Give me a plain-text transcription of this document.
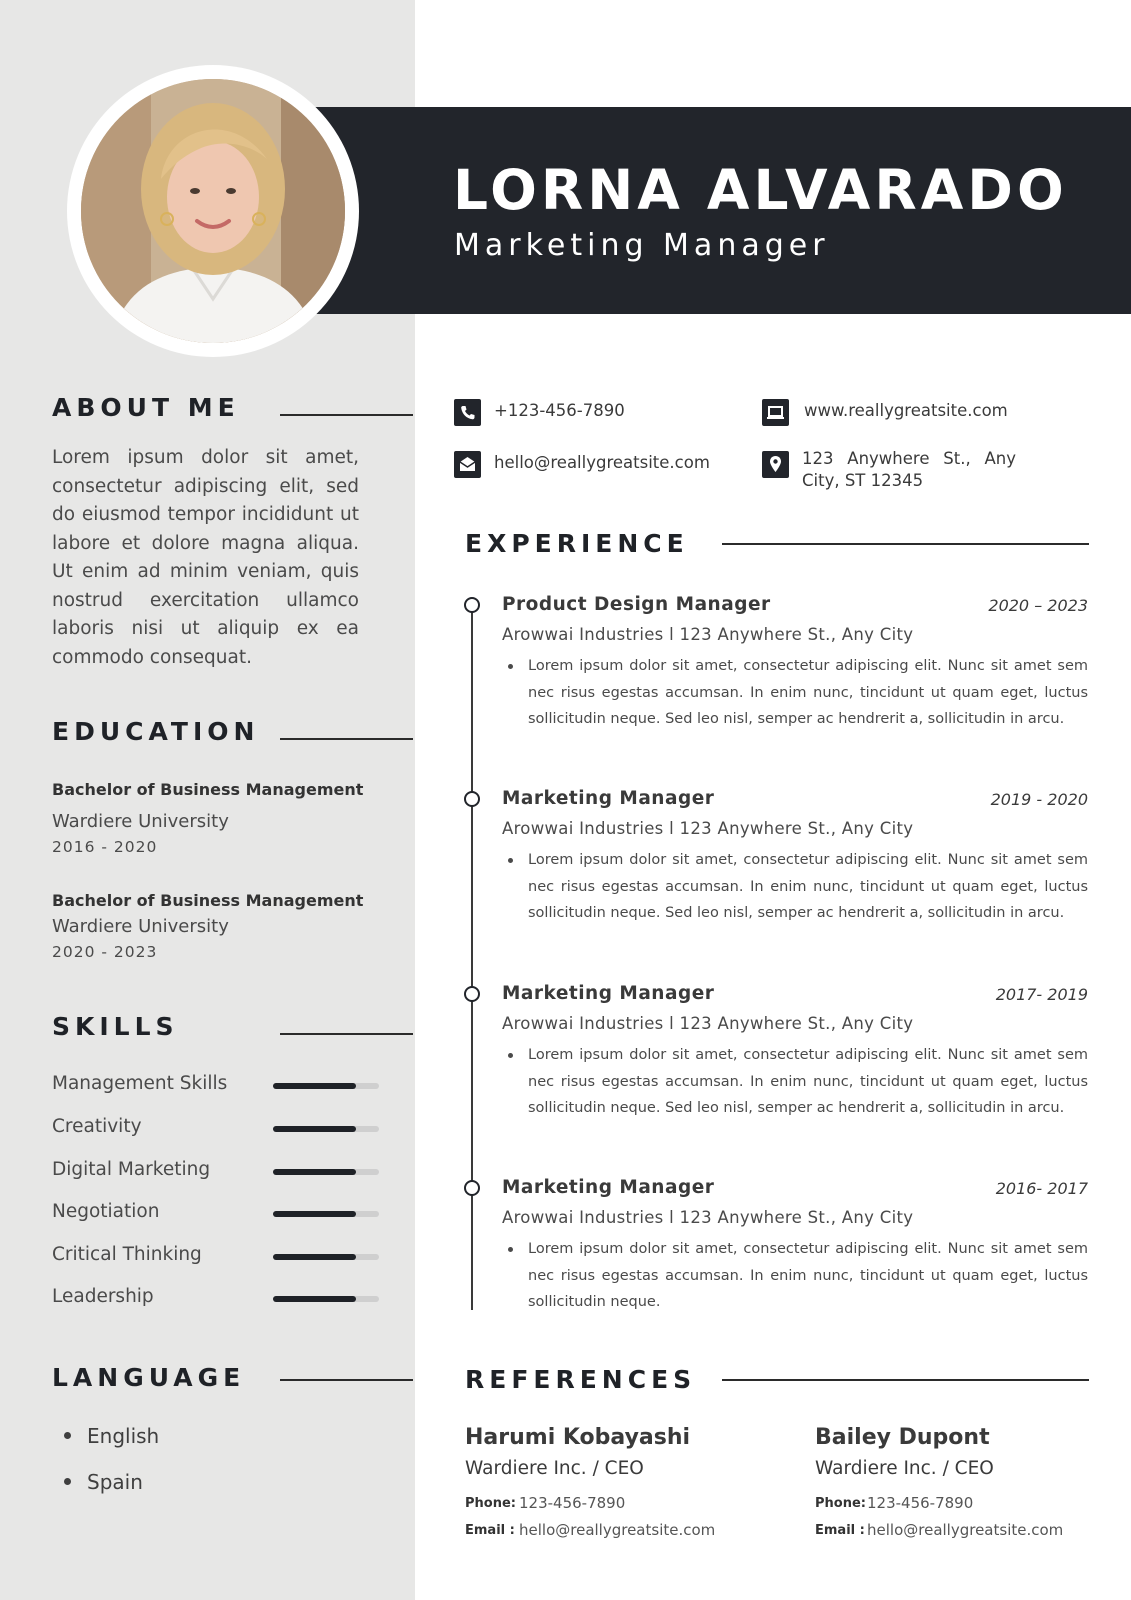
LORNA ALVARADO
Marketing Manager
ABOUT ME
Lorem ipsum dolor sit amet, consectetur adipiscing elit, sed do eiusmod tempor incididunt ut labore et dolore magna aliqua. Ut enim ad minim veniam, quis nostrud exercitation ullamco laboris nisi ut aliquip ex ea commodo consequat.
EDUCATION
Bachelor of Business Management
Wardiere University
2016 - 2020
Bachelor of Business Management
Wardiere University
2020 - 2023
SKILLS
Management Skills
Creativity
Digital Marketing
Negotiation
Critical Thinking
Leadership
LANGUAGE
English
Spain
+123-456-7890	www.reallygreatsite.com
hello@reallygreatsite.com	123 Anywhere St., Any
City, ST 12345
EXPERIENCE
Product Design Manager	2020 – 2023
Arowwai Industries l 123 Anywhere St., Any City
Lorem ipsum dolor sit amet, consectetur adipiscing elit. Nunc sit amet sem nec risus egestas accumsan. In enim nunc, tincidunt ut quam eget, luctus sollicitudin neque. Sed leo nisl, semper ac hendrerit a, sollicitudin in arcu.
Marketing Manager	2019 - 2020
Arowwai Industries l 123 Anywhere St., Any City
Lorem ipsum dolor sit amet, consectetur adipiscing elit. Nunc sit amet sem nec risus egestas accumsan. In enim nunc, tincidunt ut quam eget, luctus sollicitudin neque. Sed leo nisl, semper ac hendrerit a, sollicitudin in arcu.
Marketing Manager	2017- 2019
Arowwai Industries l 123 Anywhere St., Any City
Lorem ipsum dolor sit amet, consectetur adipiscing elit. Nunc sit amet sem nec risus egestas accumsan. In enim nunc, tincidunt ut quam eget, luctus sollicitudin neque. Sed leo nisl, semper ac hendrerit a, sollicitudin in arcu.
Marketing Manager	2016- 2017
Arowwai Industries l 123 Anywhere St., Any City
Lorem ipsum dolor sit amet, consectetur adipiscing elit. Nunc sit amet sem nec risus egestas accumsan. In enim nunc, tincidunt ut quam eget, luctus sollicitudin neque.
REFERENCES
Harumi Kobayashi
Wardiere Inc. / CEO
Phone: 123-456-7890
Email : hello@reallygreatsite.com
Bailey Dupont
Wardiere Inc. / CEO
Phone: 123-456-7890
Email : hello@reallygreatsite.com
